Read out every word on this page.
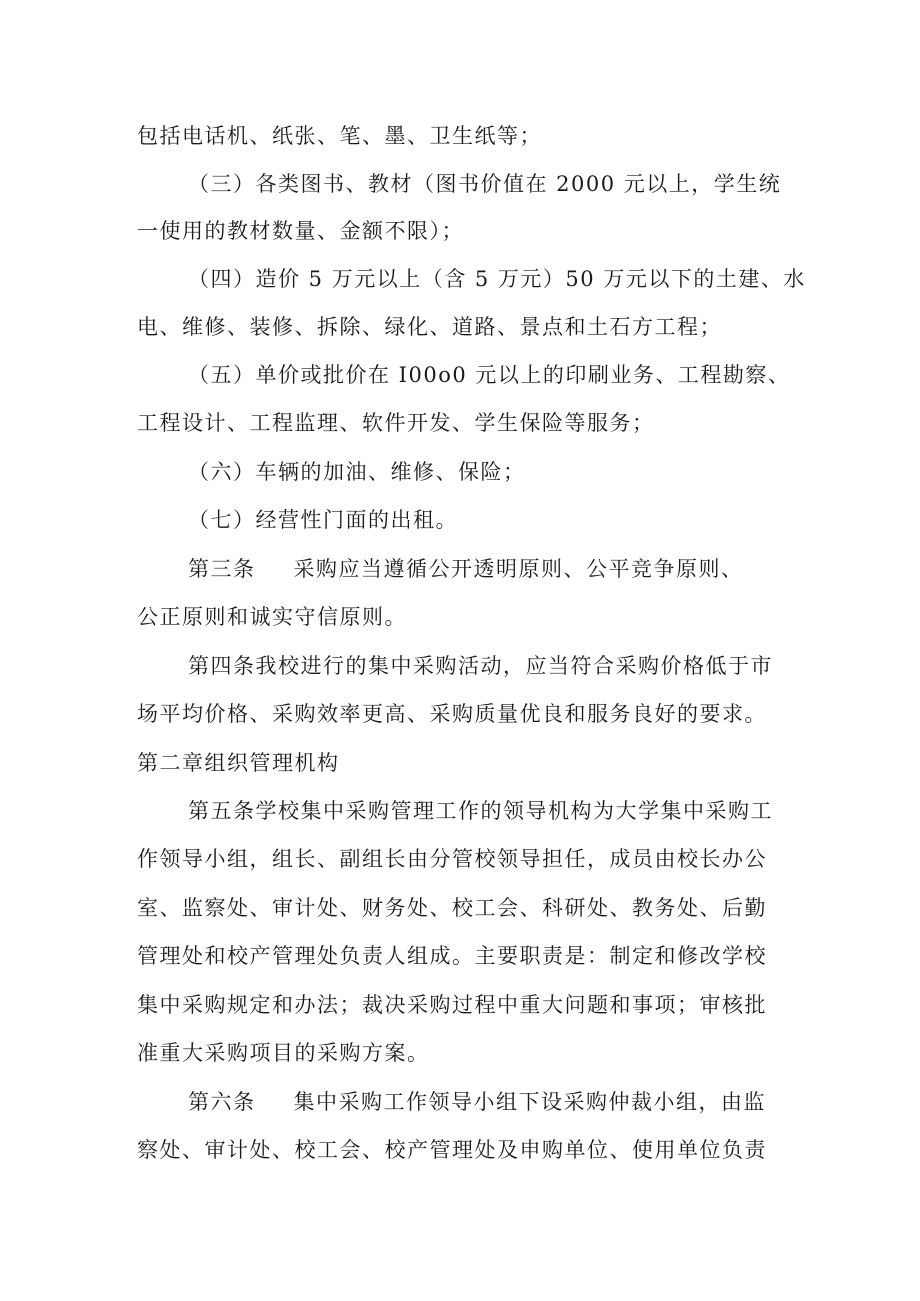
包括电话机、纸张、笔、墨、卫生纸等；
（三）各类图书、教材（图书价值在 2000 元以上，学生统
一使用的教材数量、金额不限）；
（四）造价 5 万元以上（含 5 万元）50 万元以下的土建、水
电、维修、装修、拆除、绿化、道路、景点和土石方工程；
（五）单价或批价在 I00o0 元以上的印刷业务、工程勘察、
工程设计、工程监理、软件开发、学生保险等服务；
（六）车辆的加油、维修、保险；
（七）经营性门面的出租。
第三条 采购应当遵循公开透明原则、公平竞争原则、
公正原则和诚实守信原则。
第四条我校进行的集中采购活动，应当符合采购价格低于市
场平均价格、采购效率更高、采购质量优良和服务良好的要求。
第二章组织管理机构
第五条学校集中采购管理工作的领导机构为大学集中采购工
作领导小组，组长、副组长由分管校领导担任，成员由校长办公
室、监察处、审计处、财务处、校工会、科研处、教务处、后勤
管理处和校产管理处负责人组成。主要职责是：制定和修改学校
集中采购规定和办法；裁决采购过程中重大问题和事项；审核批
准重大采购项目的采购方案。
第六条 集中采购工作领导小组下设采购仲裁小组，由监
察处、审计处、校工会、校产管理处及申购单位、使用单位负责
